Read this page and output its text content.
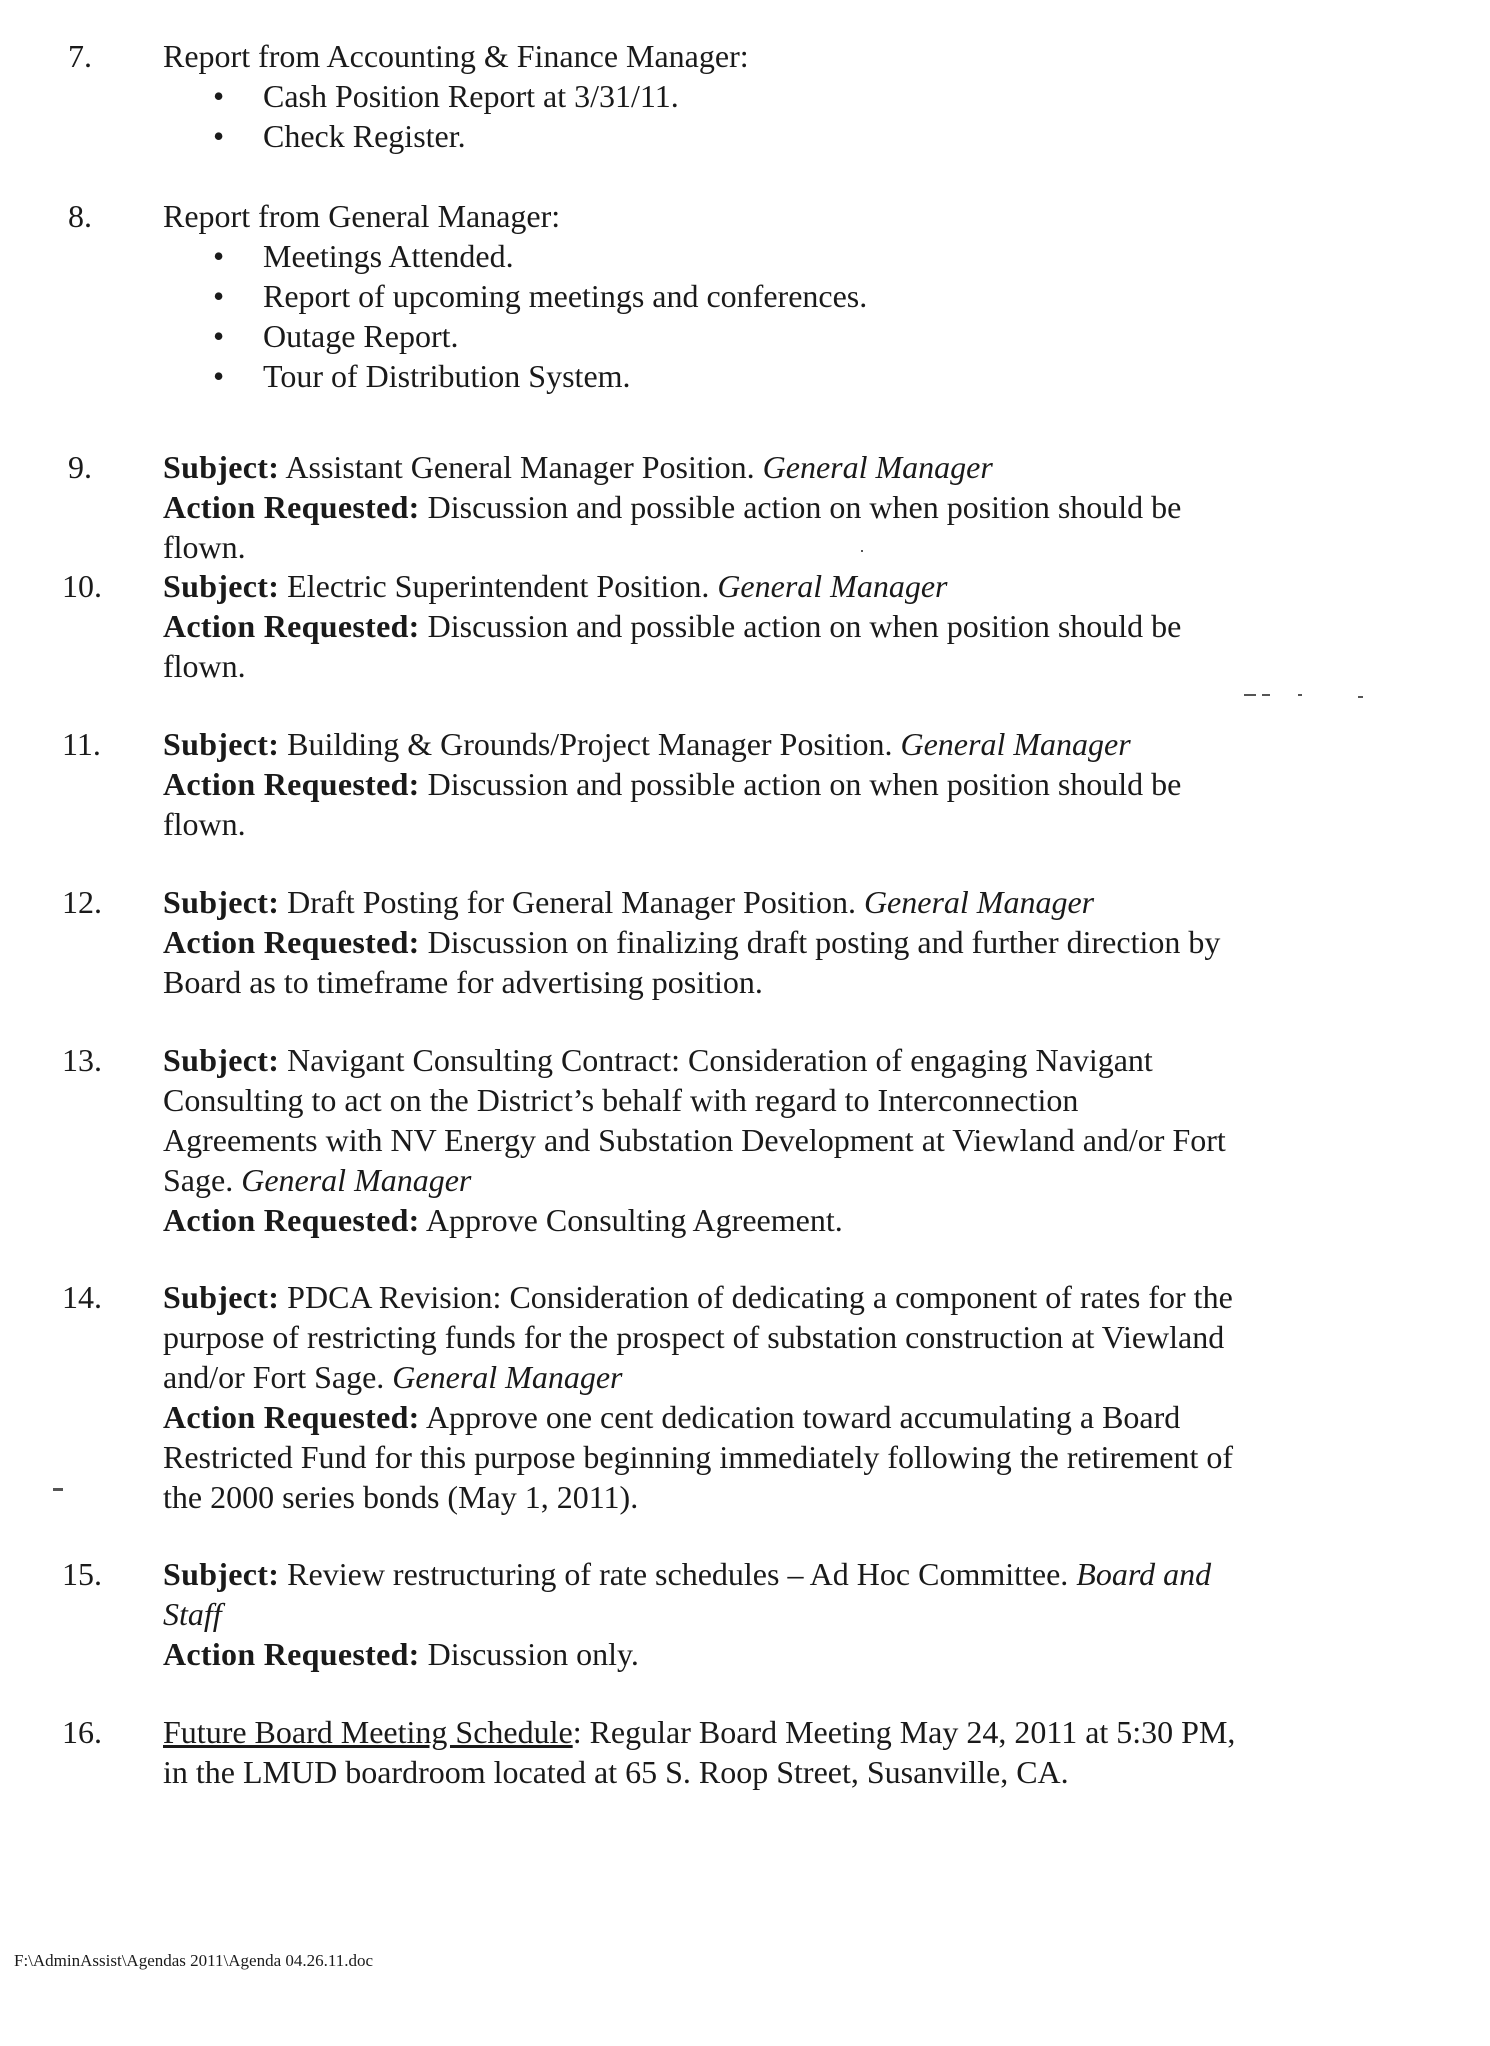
7. Report from Accounting & Finance Manager:
• Cash Position Report at 3/31/11.
• Check Register.
8. Report from General Manager:
• Meetings Attended.
• Report of upcoming meetings and conferences.
• Outage Report.
• Tour of Distribution System.
9. Subject: Assistant General Manager Position. General Manager
Action Requested: Discussion and possible action on when position should be
flown.
10. Subject: Electric Superintendent Position. General Manager
Action Requested: Discussion and possible action on when position should be
flown.
11. Subject: Building & Grounds/Project Manager Position. General Manager
Action Requested: Discussion and possible action on when position should be
flown.
12. Subject: Draft Posting for General Manager Position. General Manager
Action Requested: Discussion on finalizing draft posting and further direction by
Board as to timeframe for advertising position.
13. Subject: Navigant Consulting Contract: Consideration of engaging Navigant
Consulting to act on the District’s behalf with regard to Interconnection
Agreements with NV Energy and Substation Development at Viewland and/or Fort
Sage. General Manager
Action Requested: Approve Consulting Agreement.
14. Subject: PDCA Revision: Consideration of dedicating a component of rates for the
purpose of restricting funds for the prospect of substation construction at Viewland
and/or Fort Sage. General Manager
Action Requested: Approve one cent dedication toward accumulating a Board
Restricted Fund for this purpose beginning immediately following the retirement of
the 2000 series bonds (May 1, 2011).
15. Subject: Review restructuring of rate schedules – Ad Hoc Committee. Board and
Staff
Action Requested: Discussion only.
16. Future Board Meeting Schedule: Regular Board Meeting May 24, 2011 at 5:30 PM,
in the LMUD boardroom located at 65 S. Roop Street, Susanville, CA.
F:\AdminAssist\Agendas 2011\Agenda 04.26.11.doc
